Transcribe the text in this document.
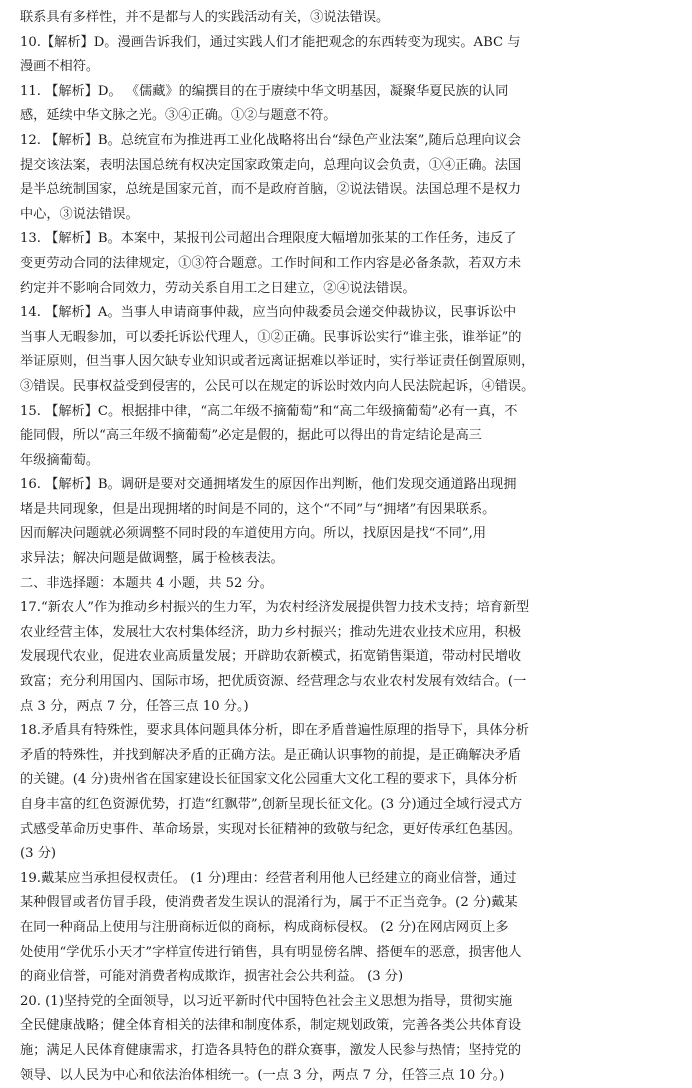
联系具有多样性，并不是都与人的实践活动有关，③说法错误。
10.【解析】D。漫画告诉我们，通过实践人们才能把观念的东西转变为现实。ABC 与
漫画不相符。
11. 【解析】D。 《儒藏》的编撰目的在于赓续中华文明基因，凝聚华夏民族的认同
感，延续中华文脉之光。③④正确。①②与题意不符。
12. 【解析】B。总统宣布为推进再工业化战略将出台“绿色产业法案”,随后总理向议会
提交该法案，表明法国总统有权决定国家政策走向，总理向议会负责，①④正确。法国
是半总统制国家，总统是国家元首，而不是政府首脑，②说法错误。法国总理不是权力
中心，③说法错误。
13. 【解析】B。本案中，某报刊公司超出合理限度大幅增加张某的工作任务，违反了
变更劳动合同的法律规定，①③符合题意。工作时间和工作内容是必备条款，若双方未
约定并不影响合同效力，劳动关系自用工之日建立，②④说法错误。
14. 【解析】A。当事人申请商事仲裁，应当向仲裁委员会递交仲裁协议，民事诉讼中
当事人无暇参加，可以委托诉讼代理人，①②正确。民事诉讼实行“谁主张，谁举证”的
举证原则，但当事人因欠缺专业知识或者远离证据难以举证时，实行举证责任倒置原则，
③错误。民事权益受到侵害的，公民可以在规定的诉讼时效内向人民法院起诉，④错误。
15. 【解析】C。根据排中律，“高二年级不摘葡萄”和“高二年级摘葡萄”必有一真，不
能同假，所以“高三年级不摘葡萄”必定是假的，据此可以得出的肯定结论是高三
年级摘葡萄。
16. 【解析】B。调研是要对交通拥堵发生的原因作出判断，他们发现交通道路出现拥
堵是共同现象，但是出现拥堵的时间是不同的，这个“不同”与“拥堵”有因果联系。
因而解决问题就必须调整不同时段的车道使用方向。所以，找原因是找“不同”,用
求异法；解决问题是做调整，属于检核表法。
二、非选择题：本题共 4 小题，共 52 分。
17.“新农人”作为推动乡村振兴的生力军，为农村经济发展提供智力技术支持；培育新型
农业经营主体，发展壮大农村集体经济，助力乡村振兴；推动先进农业技术应用，积极
发展现代农业，促进农业高质量发展；开辟助农新模式，拓宽销售渠道，带动村民增收
致富；充分利用国内、国际市场，把优质资源、经营理念与农业农村发展有效结合。(一
点 3 分，两点 7 分，任答三点 10 分。)
18.矛盾具有特殊性，要求具体问题具体分析，即在矛盾普遍性原理的指导下，具体分析
矛盾的特殊性，并找到解决矛盾的正确方法。是正确认识事物的前提，是正确解决矛盾
的关键。(4 分)贵州省在国家建设长征国家文化公园重大文化工程的要求下，具体分析
自身丰富的红色资源优势，打造“红飘带”,创新呈现长征文化。(3 分)通过全域行浸式方
式感受革命历史事件、革命场景，实现对长征精神的致敬与纪念，更好传承红色基因。
(3 分)
19.戴某应当承担侵权责任。 (1 分)理由：经营者利用他人已经建立的商业信誉，通过
某种假冒或者仿冒手段，使消费者发生误认的混淆行为，属于不正当竞争。(2 分)戴某
在同一种商品上使用与注册商标近似的商标，构成商标侵权。 (2 分)在网店网页上多
处使用“学优乐小天才”字样宣传进行销售，具有明显傍名牌、搭便车的恶意，损害他人
的商业信誉，可能对消费者构成欺诈，损害社会公共利益。 (3 分)
20. (1)坚持党的全面领导，以习近平新时代中国特色社会主义思想为指导，贯彻实施
全民健康战略；健全体育相关的法律和制度体系，制定规划政策，完善各类公共体育设
施；满足人民体育健康需求，打造各具特色的群众赛事，激发人民参与热情；坚持党的
领导、以人民为中心和依法治体相统一。(一点 3 分，两点 7 分，任答三点 10 分。)
